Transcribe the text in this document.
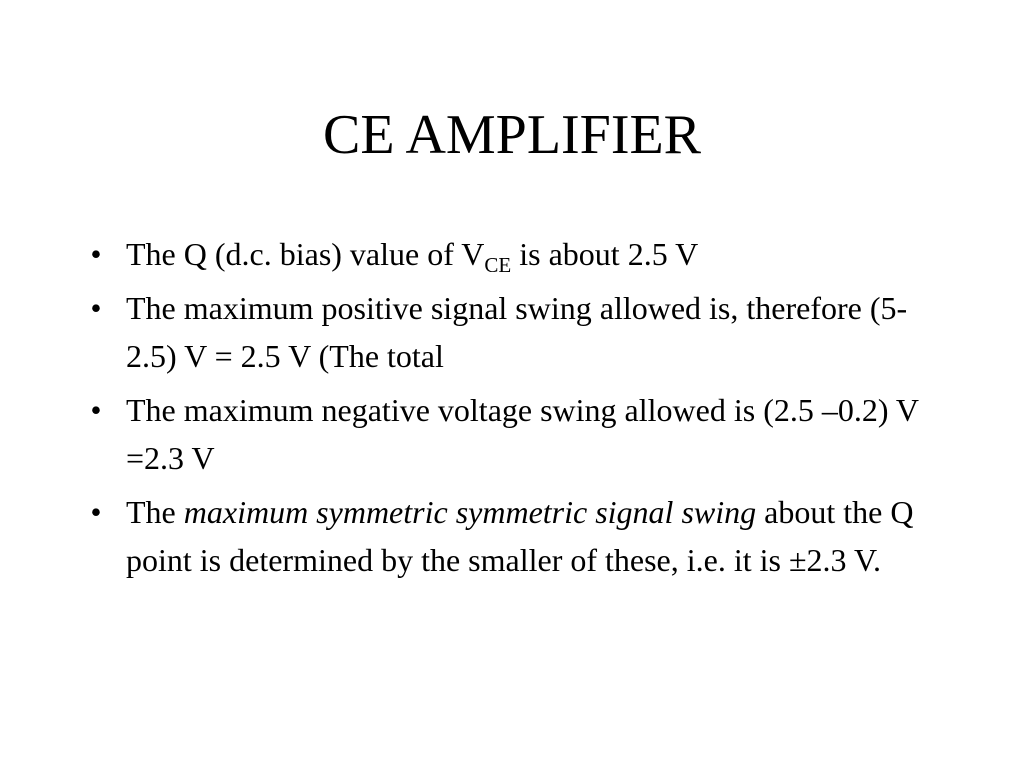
CE AMPLIFIER
• The Q (d.c. bias) value of $V_{CE}$ is about 2.5 V
• The maximum positive signal swing allowed is, therefore (5-2.5) V = 2.5 V (The total
• The maximum negative voltage swing allowed is (2.5 –0.2) V =2.3 V
• The maximum symmetric symmetric signal swing about the Q point is determined by the smaller of these, i.e. it is ±2.3 V.
